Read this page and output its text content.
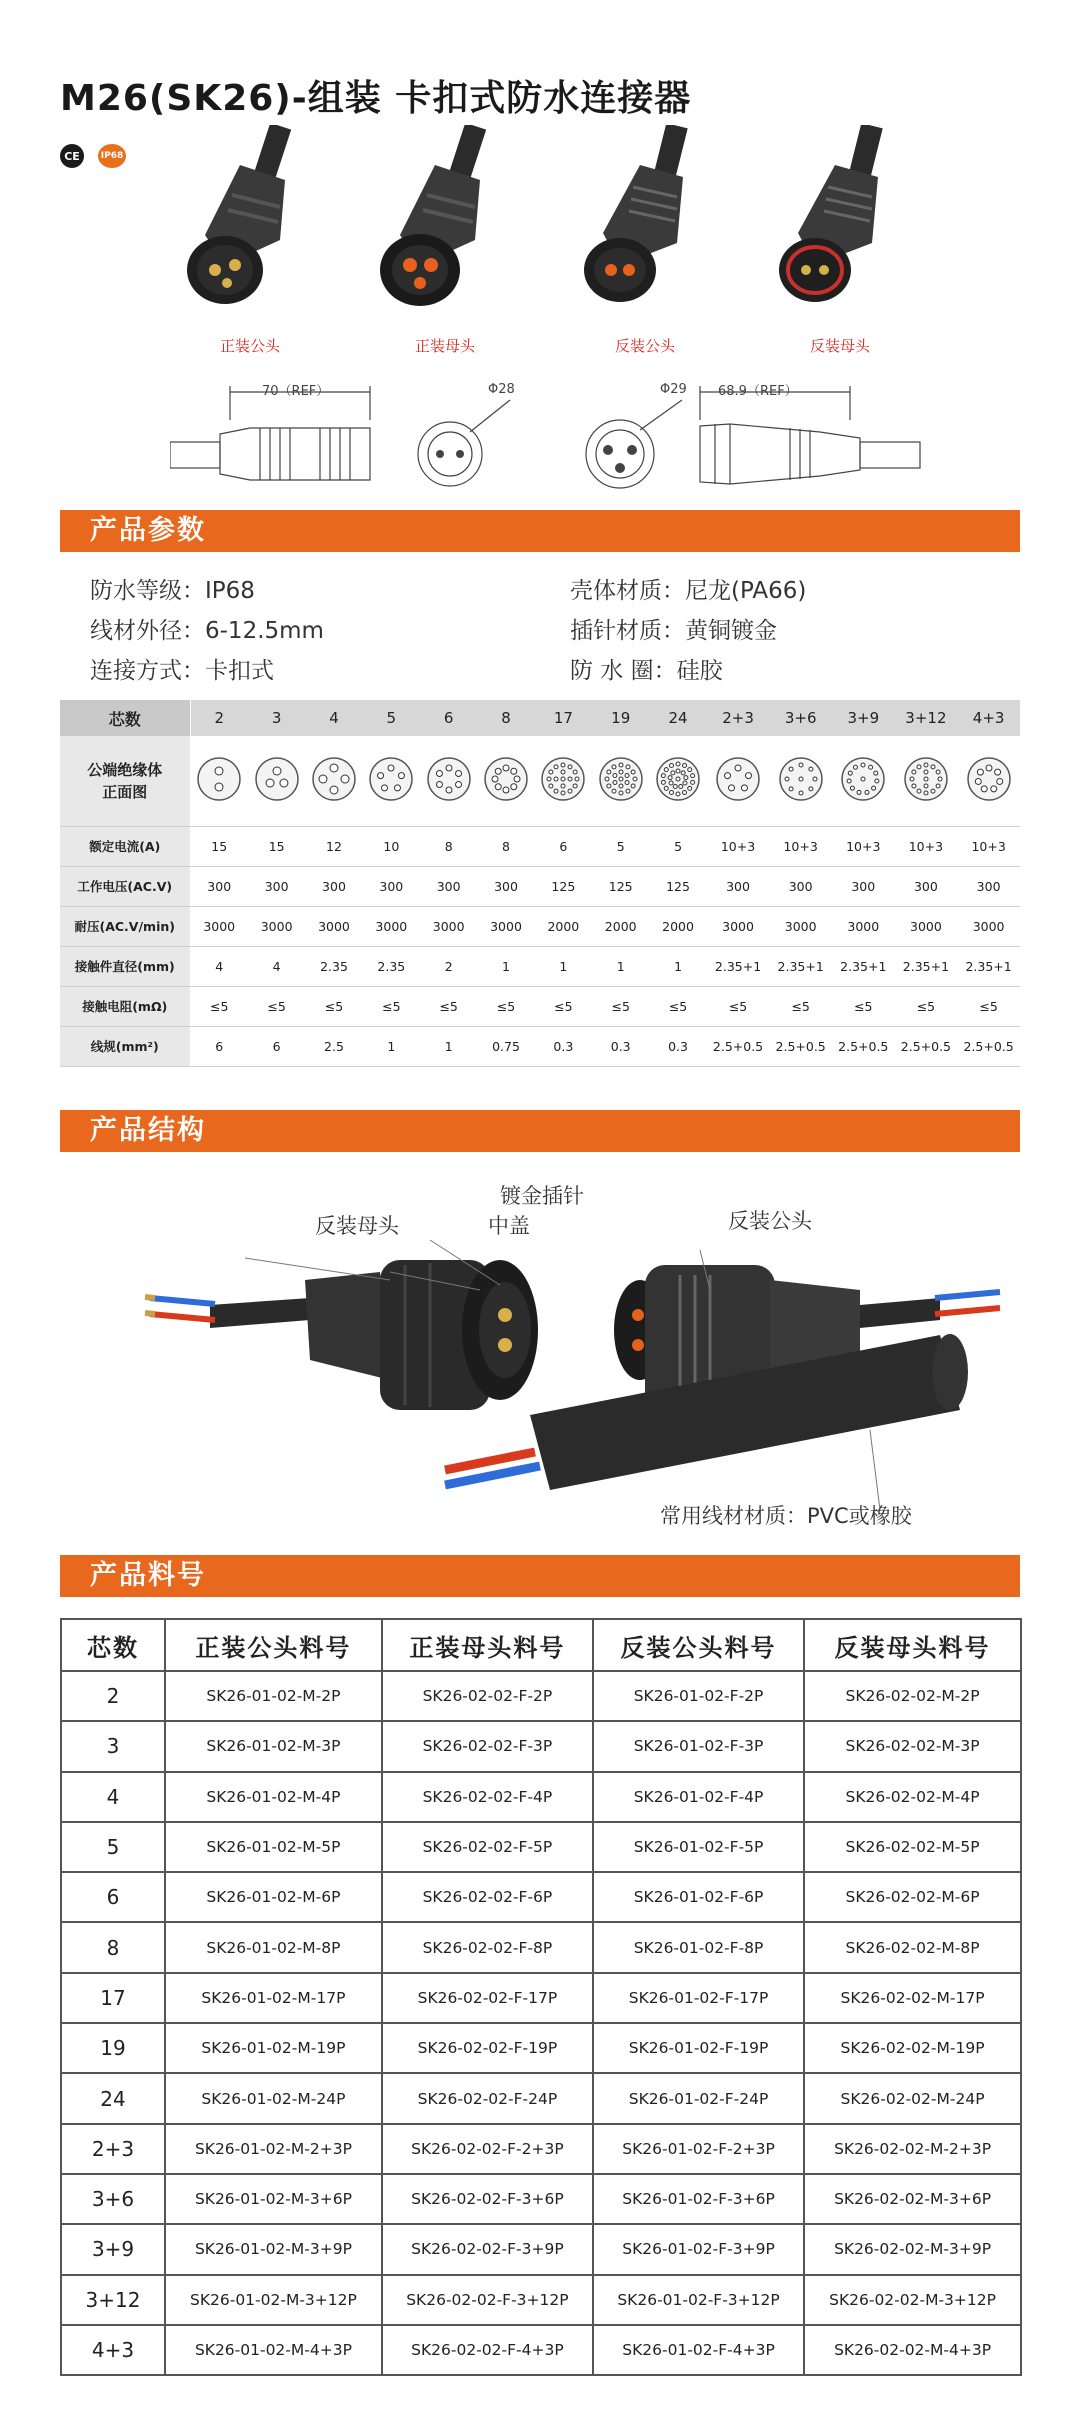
M26(SK26)-组装 卡扣式防水连接器
CE	IP68
正装公头	正装母头	反装公头	反装母头
70（REF）	Φ28	Φ29 68.9（REF）
产品参数
防水等级：IP68
线材外径：6-12.5mm
连接方式：卡扣式
壳体材质：尼龙(PA66)
插针材质：黄铜镀金
防 水 圈：硅胶
芯数	2	3	4	5	6	8	17	19	24	2+3	3+6	3+9	3+12	4+3

公端绝缘体
正面图

额定电流(A)	15	15	12	10	8	8	6	5	5	10+3	10+3	10+3	10+3	10+3
工作电压(AC.V)	300	300	300	300	300	300	125	125	125	300	300	300	300	300
耐压(AC.V/min)	3000	3000	3000	3000	3000	3000	2000	2000	2000	3000	3000	3000	3000	3000
接触件直径(mm)	4	4	2.35	2.35	2	1	1	1	1	2.35+1	2.35+1	2.35+1	2.35+1	2.35+1
接触电阻(mΩ)	≤5	≤5	≤5	≤5	≤5	≤5	≤5	≤5	≤5	≤5	≤5	≤5	≤5	≤5
线规(mm²)	6	6	2.5	1	1	0.75	0.3	0.3	0.3	2.5+0.5	2.5+0.5	2.5+0.5	2.5+0.5	2.5+0.5
产品结构
反装母头
镀金插针
中盖	反装公头
常用线材材质：PVC或橡胶
产品料号
芯数	正装公头料号	正装母头料号	反装公头料号	反装母头料号
2	SK26-01-02-M-2P	SK26-02-02-F-2P	SK26-01-02-F-2P	SK26-02-02-M-2P
3	SK26-01-02-M-3P	SK26-02-02-F-3P	SK26-01-02-F-3P	SK26-02-02-M-3P
4	SK26-01-02-M-4P	SK26-02-02-F-4P	SK26-01-02-F-4P	SK26-02-02-M-4P
5	SK26-01-02-M-5P	SK26-02-02-F-5P	SK26-01-02-F-5P	SK26-02-02-M-5P
6	SK26-01-02-M-6P	SK26-02-02-F-6P	SK26-01-02-F-6P	SK26-02-02-M-6P
8	SK26-01-02-M-8P	SK26-02-02-F-8P	SK26-01-02-F-8P	SK26-02-02-M-8P
17	SK26-01-02-M-17P	SK26-02-02-F-17P	SK26-01-02-F-17P	SK26-02-02-M-17P
19	SK26-01-02-M-19P	SK26-02-02-F-19P	SK26-01-02-F-19P	SK26-02-02-M-19P
24	SK26-01-02-M-24P	SK26-02-02-F-24P	SK26-01-02-F-24P	SK26-02-02-M-24P
2+3	SK26-01-02-M-2+3P	SK26-02-02-F-2+3P	SK26-01-02-F-2+3P	SK26-02-02-M-2+3P
3+6	SK26-01-02-M-3+6P	SK26-02-02-F-3+6P	SK26-01-02-F-3+6P	SK26-02-02-M-3+6P
3+9	SK26-01-02-M-3+9P	SK26-02-02-F-3+9P	SK26-01-02-F-3+9P	SK26-02-02-M-3+9P
3+12	SK26-01-02-M-3+12P	SK26-02-02-F-3+12P	SK26-01-02-F-3+12P	SK26-02-02-M-3+12P
4+3	SK26-01-02-M-4+3P	SK26-02-02-F-4+3P	SK26-01-02-F-4+3P	SK26-02-02-M-4+3P
